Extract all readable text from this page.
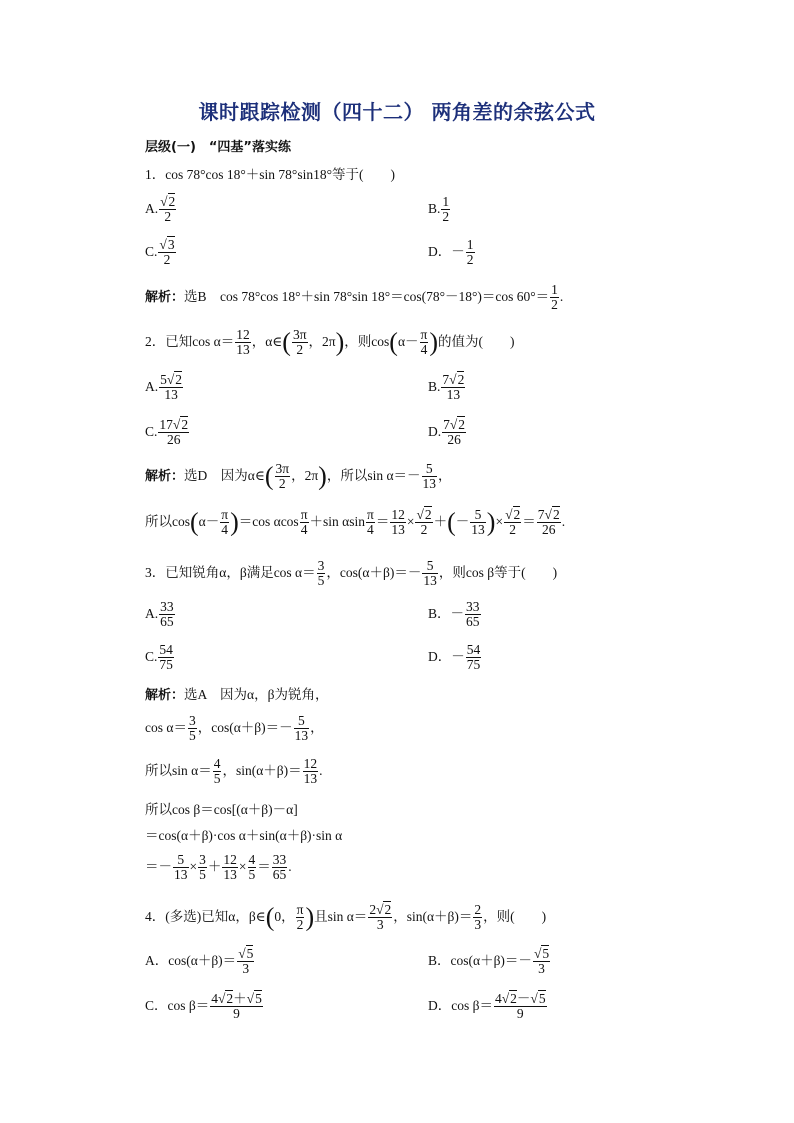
课时跟踪检测（四十二） 两角差的余弦公式
层级(一)　“四基”落实练
1．cos 78°cos 18°＋sin 78°sin18°等于(　　)
A. $\frac{√2}{2}$	B. $\frac{1}{2}$
C. $\frac{√3}{2}$	D．－ $\frac{1}{2}$
解析：选B　cos 78°cos 18°＋sin 78°sin 18°＝cos(78°－18°)＝cos $60^\circ= \frac{1}{2}$ .
2．已知$\cos \alpha= \frac{12}{13}$ ，α∈( $\frac{3\pi}{2}$ ，2π)，则$\cos(\alpha- \frac{\pi}{4}$ )的值为(　　)
A. $\frac{5√2}{13}$	B. $\frac{7√2}{13}$
C. $\frac{17√2}{26}$	D. $\frac{7√2}{26}$
解析：选D　因为α∈( $\frac{3\pi}{2}$ ，2π)，所以$\sin \alpha=- \frac{5}{13}$ ，
所以$\cos(\alpha- \frac{\pi}{4} )=\cos$ αcos $\frac{\pi}{4} +\sin$ αsin $\frac{\pi}{4} = \frac{12}{13} \times \frac{√2}{2}$ ＋(－ $\frac{5}{13}$ )× $\frac{√2}{2} = \frac{7√2}{26}$ .
3．已知锐角α，β满足$\cos \alpha= \frac{3}{5}$ ，$\cos(\alpha+\beta)=- \frac{5}{13}$ ，则cos β等于(　　)
A. $\frac{33}{65}$	B．－ $\frac{33}{65}$
C. $\frac{54}{75}$	D．－ $\frac{54}{75}$
解析：选A　因为α，β为锐角，
$\cos \alpha= \frac{3}{5}$ ，$\cos(\alpha+\beta)=- \frac{5}{13}$ ，
所以$\sin \alpha= \frac{4}{5}$ ，$\sin(\alpha+\beta)= \frac{12}{13}$ .
所以cos β＝cos[(α＋β)－α]
＝cos(α＋β)·cos α＋sin(α＋β)·sin α
＝－ $\frac{5}{13} \times \frac{3}{5} + \frac{12}{13} \times \frac{4}{5} = \frac{33}{65}$ .
4．(多选)已知α，β∈(0， $\frac{\pi}{2}$ )且$\sin \alpha= \frac{2√2}{3}$ ，$\sin(\alpha+\beta)= \frac{2}{3}$ ，则(　　)
A．$\cos(\alpha+\beta)= \frac{√5}{3}$	B．$\cos(\alpha+\beta)=- \frac{√5}{3}$
C．$\cos \beta= \frac{4√2+√5}{9}$	D．$\cos \beta= \frac{4√2-√5}{9}$
